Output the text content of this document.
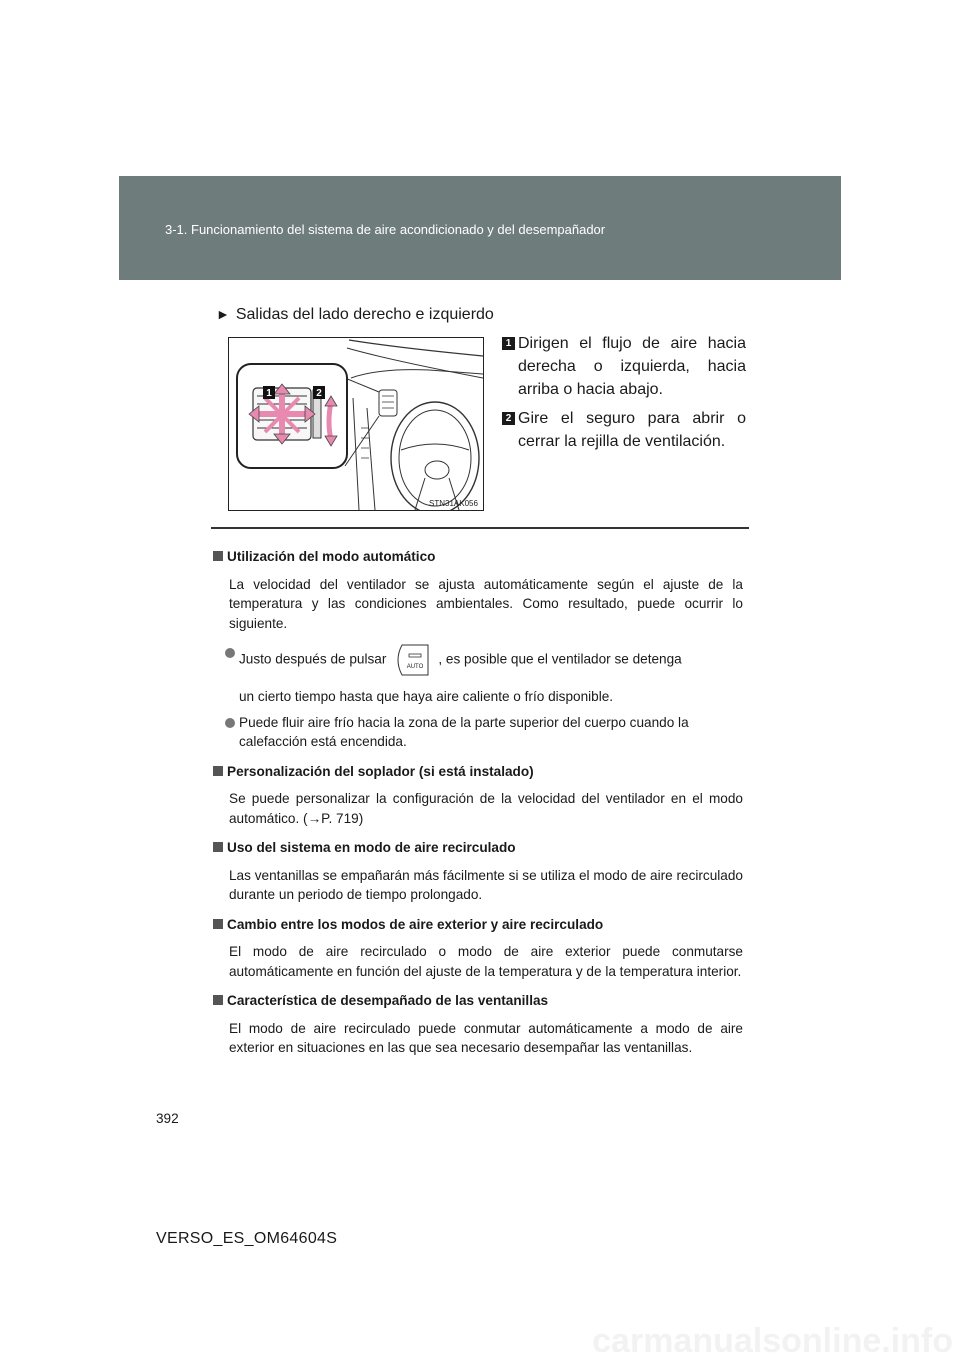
3-1. Funcionamiento del sistema de aire acondicionado y del desempañador
► Salidas del lado derecho e izquierdo
1	2
STN31AK056
1 Dirigen el flujo de aire hacia derecha o izquierda, hacia arriba o hacia abajo.
2 Gire el seguro para abrir o cerrar la rejilla de ventilación.
Utilización del modo automático
La velocidad del ventilador se ajusta automáticamente según el ajuste de la temperatura y las condiciones ambientales. Como resultado, puede ocurrir lo siguiente.
Justo después de pulsar
AUTO
, es posible que el ventilador se detenga
un cierto tiempo hasta que haya aire caliente o frío disponible.
Puede fluir aire frío hacia la zona de la parte superior del cuerpo cuando la calefacción está encendida.
Personalización del soplador (si está instalado)
Se puede personalizar la configuración de la velocidad del ventilador en el modo automático. (→P. 719)
Uso del sistema en modo de aire recirculado
Las ventanillas se empañarán más fácilmente si se utiliza el modo de aire recirculado durante un periodo de tiempo prolongado.
Cambio entre los modos de aire exterior y aire recirculado
El modo de aire recirculado o modo de aire exterior puede conmutarse automáticamente en función del ajuste de la temperatura y de la temperatura interior.
Característica de desempañado de las ventanillas
El modo de aire recirculado puede conmutar automáticamente a modo de aire exterior en situaciones en las que sea necesario desempañar las ventanillas.
392
VERSO_ES_OM64604S
carmanualsonline.info
